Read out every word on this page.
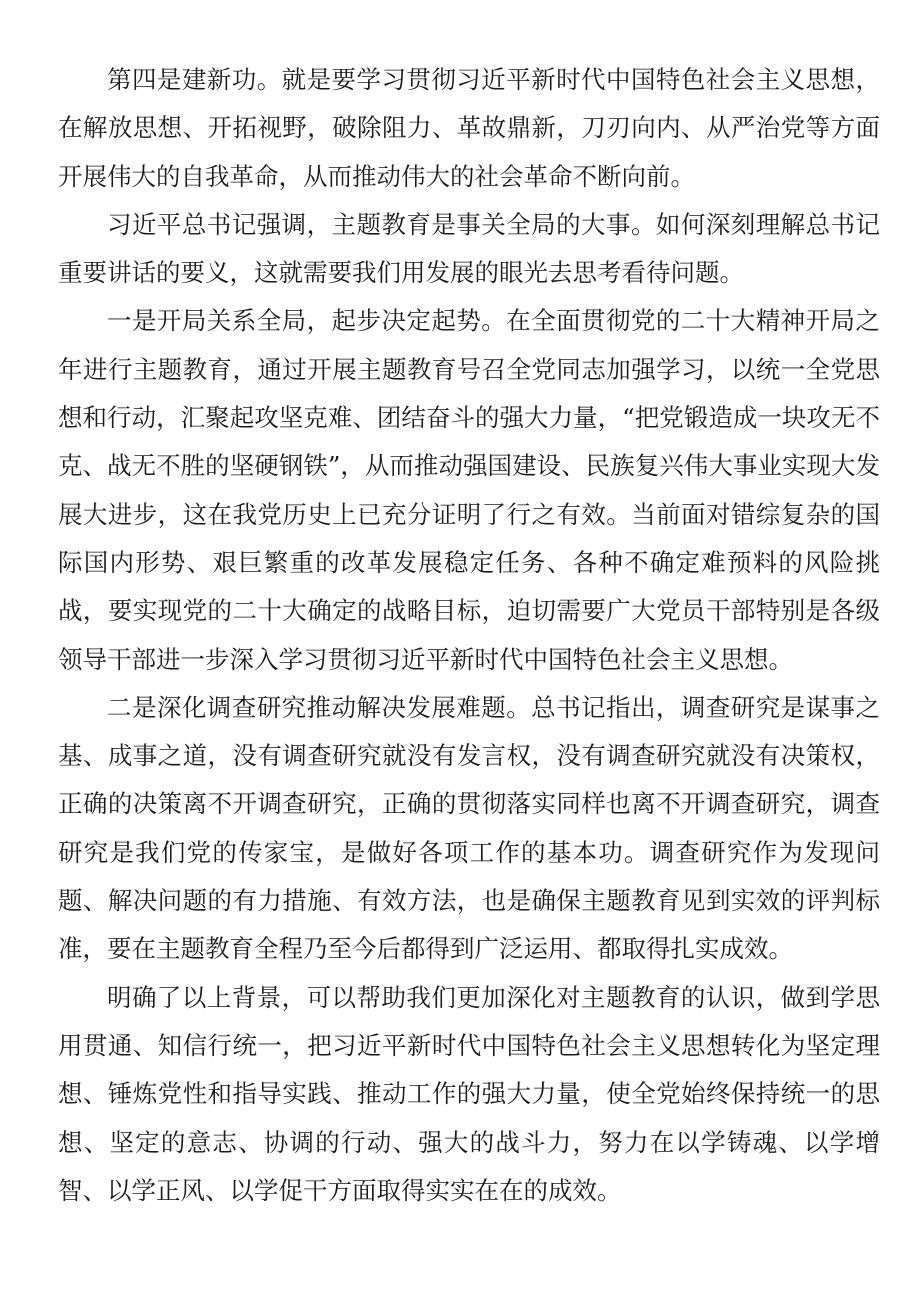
第四是建新功。就是要学习贯彻习近平新时代中国特色社会主义思想，在解放思想、开拓视野，破除阻力、革故鼎新，刀刃向内、从严治党等方面开展伟大的自我革命，从而推动伟大的社会革命不断向前。

习近平总书记强调，主题教育是事关全局的大事。如何深刻理解总书记重要讲话的要义，这就需要我们用发展的眼光去思考看待问题。

一是开局关系全局，起步决定起势。在全面贯彻党的二十大精神开局之年进行主题教育，通过开展主题教育号召全党同志加强学习，以统一全党思想和行动，汇聚起攻坚克难、团结奋斗的强大力量，“把党锻造成一块攻无不克、战无不胜的坚硬钢铁”，从而推动强国建设、民族复兴伟大事业实现大发展大进步，这在我党历史上已充分证明了行之有效。当前面对错综复杂的国际国内形势、艰巨繁重的改革发展稳定任务、各种不确定难预料的风险挑战，要实现党的二十大确定的战略目标，迫切需要广大党员干部特别是各级领导干部进一步深入学习贯彻习近平新时代中国特色社会主义思想。

二是深化调查研究推动解决发展难题。总书记指出，调查研究是谋事之基、成事之道，没有调查研究就没有发言权，没有调查研究就没有决策权，正确的决策离不开调查研究，正确的贯彻落实同样也离不开调查研究，调查研究是我们党的传家宝，是做好各项工作的基本功。调查研究作为发现问题、解决问题的有力措施、有效方法，也是确保主题教育见到实效的评判标准，要在主题教育全程乃至今后都得到广泛运用、都取得扎实成效。

明确了以上背景，可以帮助我们更加深化对主题教育的认识，做到学思用贯通、知信行统一，把习近平新时代中国特色社会主义思想转化为坚定理想、锤炼党性和指导实践、推动工作的强大力量，使全党始终保持统一的思想、坚定的意志、协调的行动、强大的战斗力，努力在以学铸魂、以学增智、以学正风、以学促干方面取得实实在在的成效。
